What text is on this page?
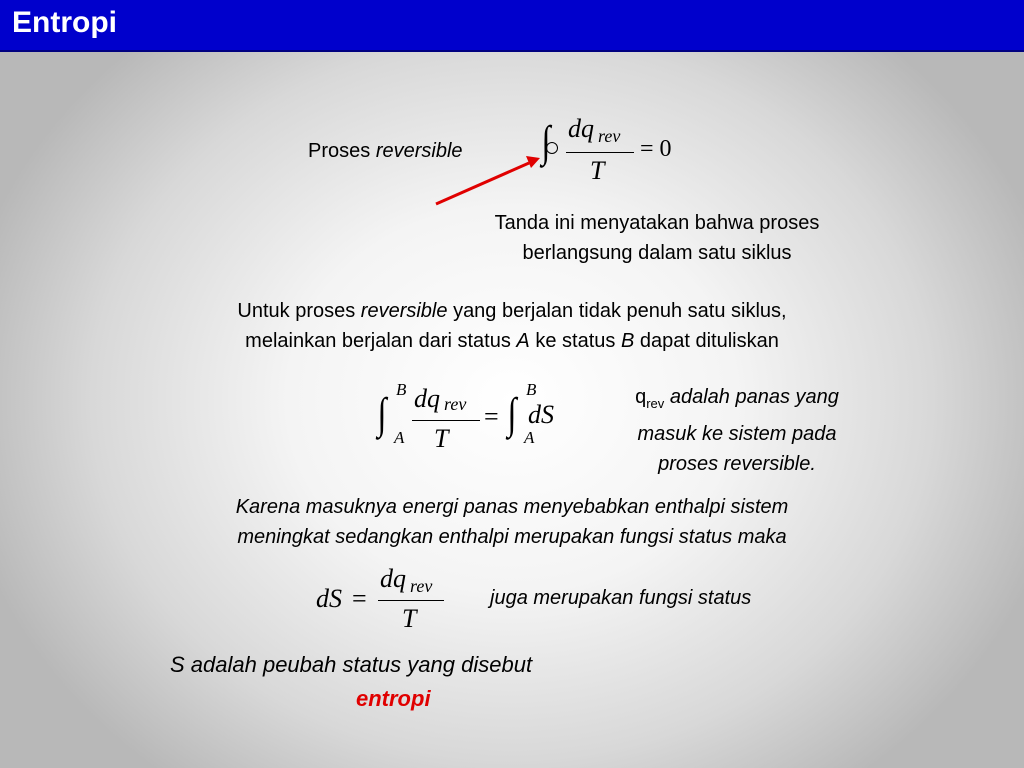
Entropi
Proses reversible ∫ dq rev
T
= 0
Tanda ini menyatakan bahwa proses
berlangsung dalam satu siklus
Untuk proses reversible yang berjalan tidak penuh satu siklus,
melainkan berjalan dari status A ke status B dapat dituliskan
∫ B
A
dq rev
T
= ∫ B
A
dS
$q_{rev}$ adalah panas yang
masuk ke sistem pada
proses reversible.
Karena masuknya energi panas menyebabkan enthalpi sistem
meningkat sedangkan enthalpi merupakan fungsi status maka
dS =
dq rev
T
juga merupakan fungsi status
S adalah peubah status yang disebut
entropi
